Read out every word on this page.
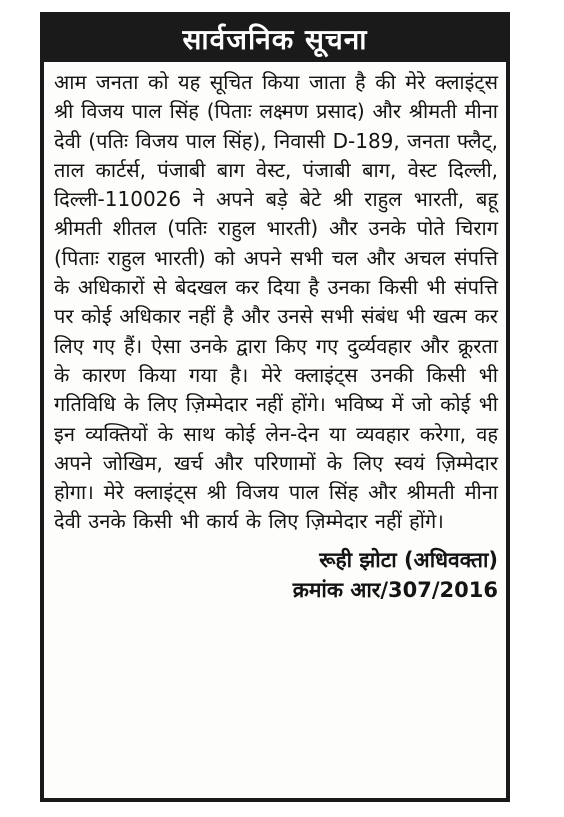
सार्वजनिक सूचना
आम जनता को यह सूचित किया जाता है की मेरे क्लाइंट्स श्री विजय पाल सिंह (पिताः लक्ष्मण प्रसाद) और श्रीमती मीना देवी (पतिः विजय पाल सिंह), निवासी D-189, जनता फ्लैट्, ताल कार्टर्स, पंजाबी बाग वेस्ट, पंजाबी बाग, वेस्ट दिल्ली, दिल्ली-110026 ने अपने बड़े बेटे श्री राहुल भारती, बहू श्रीमती शीतल (पतिः राहुल भारती) और उनके पोते चिराग (पिताः राहुल भारती) को अपने सभी चल और अचल संपत्ति के अधिकारों से बेदखल कर दिया है उनका किसी भी संपत्ति पर कोई अधिकार नहीं है और उनसे सभी संबंध भी खत्म कर लिए गए हैं। ऐसा उनके द्वारा किए गए दुर्व्यवहार और क्रूरता के कारण किया गया है। मेरे क्लाइंट्स उनकी किसी भी गतिविधि के लिए ज़िम्मेदार नहीं होंगे। भविष्य में जो कोई भी इन व्यक्तियों के साथ कोई लेन-देन या व्यवहार करेगा, वह अपने जोखिम, खर्च और परिणामों के लिए स्वयं ज़िम्मेदार होगा। मेरे क्लाइंट्स श्री विजय पाल सिंह और श्रीमती मीना देवी उनके किसी भी कार्य के लिए ज़िम्मेदार नहीं होंगे।
रूही झोटा (अधिवक्ता)
क्रमांक आर/307/2016
